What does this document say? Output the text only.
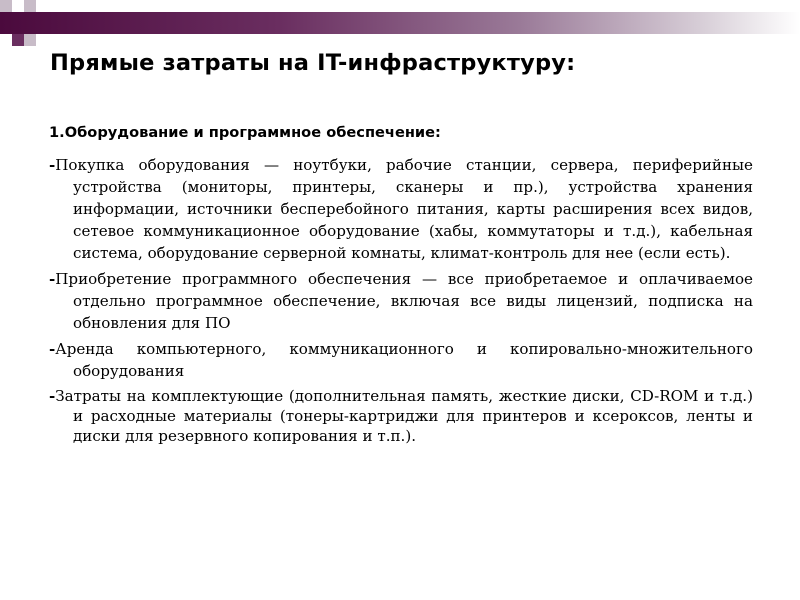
Прямые затраты на IT-инфраструктуру:
1.Оборудование и программное обеспечение:
-Покупка оборудования — ноутбуки, рабочие станции, сервера, периферийные устройства (мониторы, принтеры, сканеры и пр.), устройства хранения информации, источники бесперебойного питания, карты расширения всех видов, сетевое коммуникационное оборудование (хабы, коммутаторы и т.д.), кабельная система, оборудование серверной комнаты, климат-контроль для нее (если есть).
-Приобретение программного обеспечения — все приобретаемое и оплачиваемое отдельно программное обеспечение, включая все виды лицензий, подписка на обновления для ПО
-Аренда компьютерного, коммуникационного и копировально-множительного оборудования
-Затраты на комплектующие (дополнительная память, жесткие диски, CD-ROM и т.д.) и расходные материалы (тонеры-картриджи для принтеров и ксероксов, ленты и диски для резервного копирования и т.п.).
